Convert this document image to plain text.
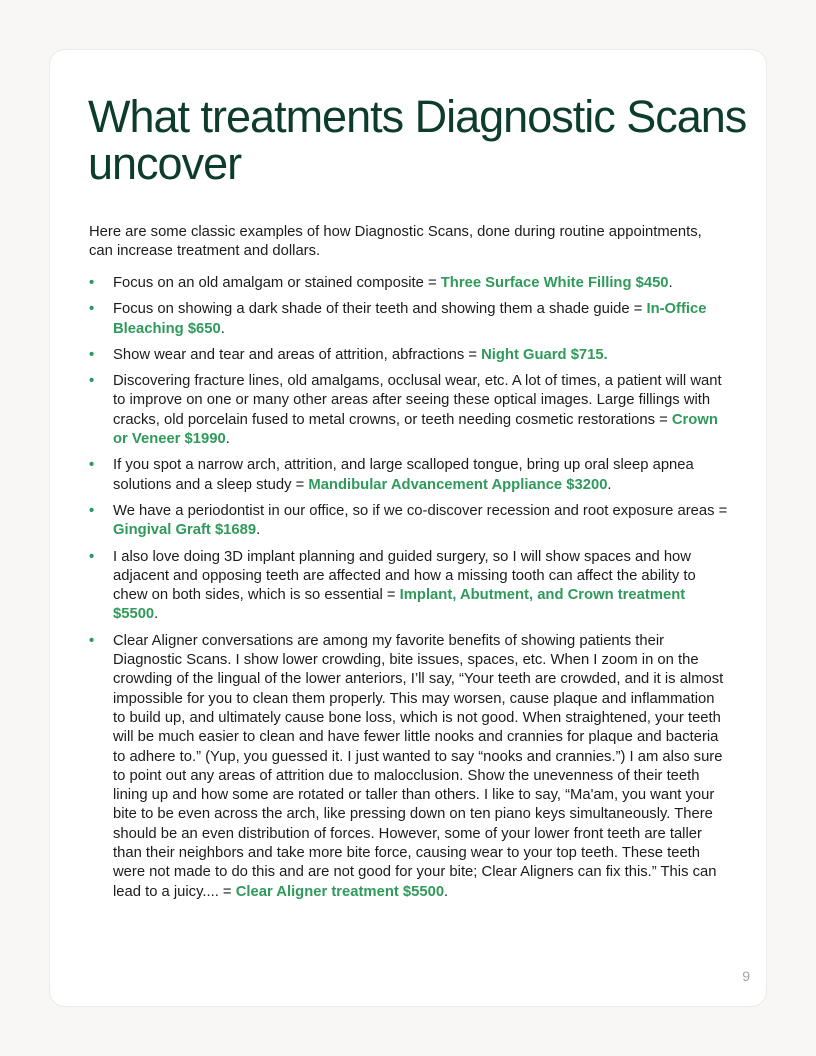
What treatments Diagnostic Scans uncover

Here are some classic examples of how Diagnostic Scans, done during routine appointments, can increase treatment and dollars.

• Focus on an old amalgam or stained composite = Three Surface White Filling $450.
• Focus on showing a dark shade of their teeth and showing them a shade guide = In-Office Bleaching $650.
• Show wear and tear and areas of attrition, abfractions = Night Guard $715.
• Discovering fracture lines, old amalgams, occlusal wear, etc. A lot of times, a patient will want to improve on one or many other areas after seeing these optical images. Large fillings with cracks, old porcelain fused to metal crowns, or teeth needing cosmetic restorations = Crown or Veneer $1990.
• If you spot a narrow arch, attrition, and large scalloped tongue, bring up oral sleep apnea solutions and a sleep study = Mandibular Advancement Appliance $3200.
• We have a periodontist in our office, so if we co-discover recession and root exposure areas = Gingival Graft $1689.
• I also love doing 3D implant planning and guided surgery, so I will show spaces and how adjacent and opposing teeth are affected and how a missing tooth can affect the ability to chew on both sides, which is so essential = Implant, Abutment, and Crown treatment $5500.
• Clear Aligner conversations are among my favorite benefits of showing patients their Diagnostic Scans. I show lower crowding, bite issues, spaces, etc. When I zoom in on the crowding of the lingual of the lower anteriors, I’ll say, “Your teeth are crowded, and it is almost impossible for you to clean them properly. This may worsen, cause plaque and inflammation to build up, and ultimately cause bone loss, which is not good. When straightened, your teeth will be much easier to clean and have fewer little nooks and crannies for plaque and bacteria to adhere to.” (Yup, you guessed it. I just wanted to say “nooks and crannies.”) I am also sure to point out any areas of attrition due to malocclusion. Show the unevenness of their teeth lining up and how some are rotated or taller than others. I like to say, “Ma'am, you want your bite to be even across the arch, like pressing down on ten piano keys simultaneously. There should be an even distribution of forces. However, some of your lower front teeth are taller than their neighbors and take more bite force, causing wear to your top teeth. These teeth were not made to do this and are not good for your bite; Clear Aligners can fix this.” This can lead to a juicy.... = Clear Aligner treatment $5500.
9
